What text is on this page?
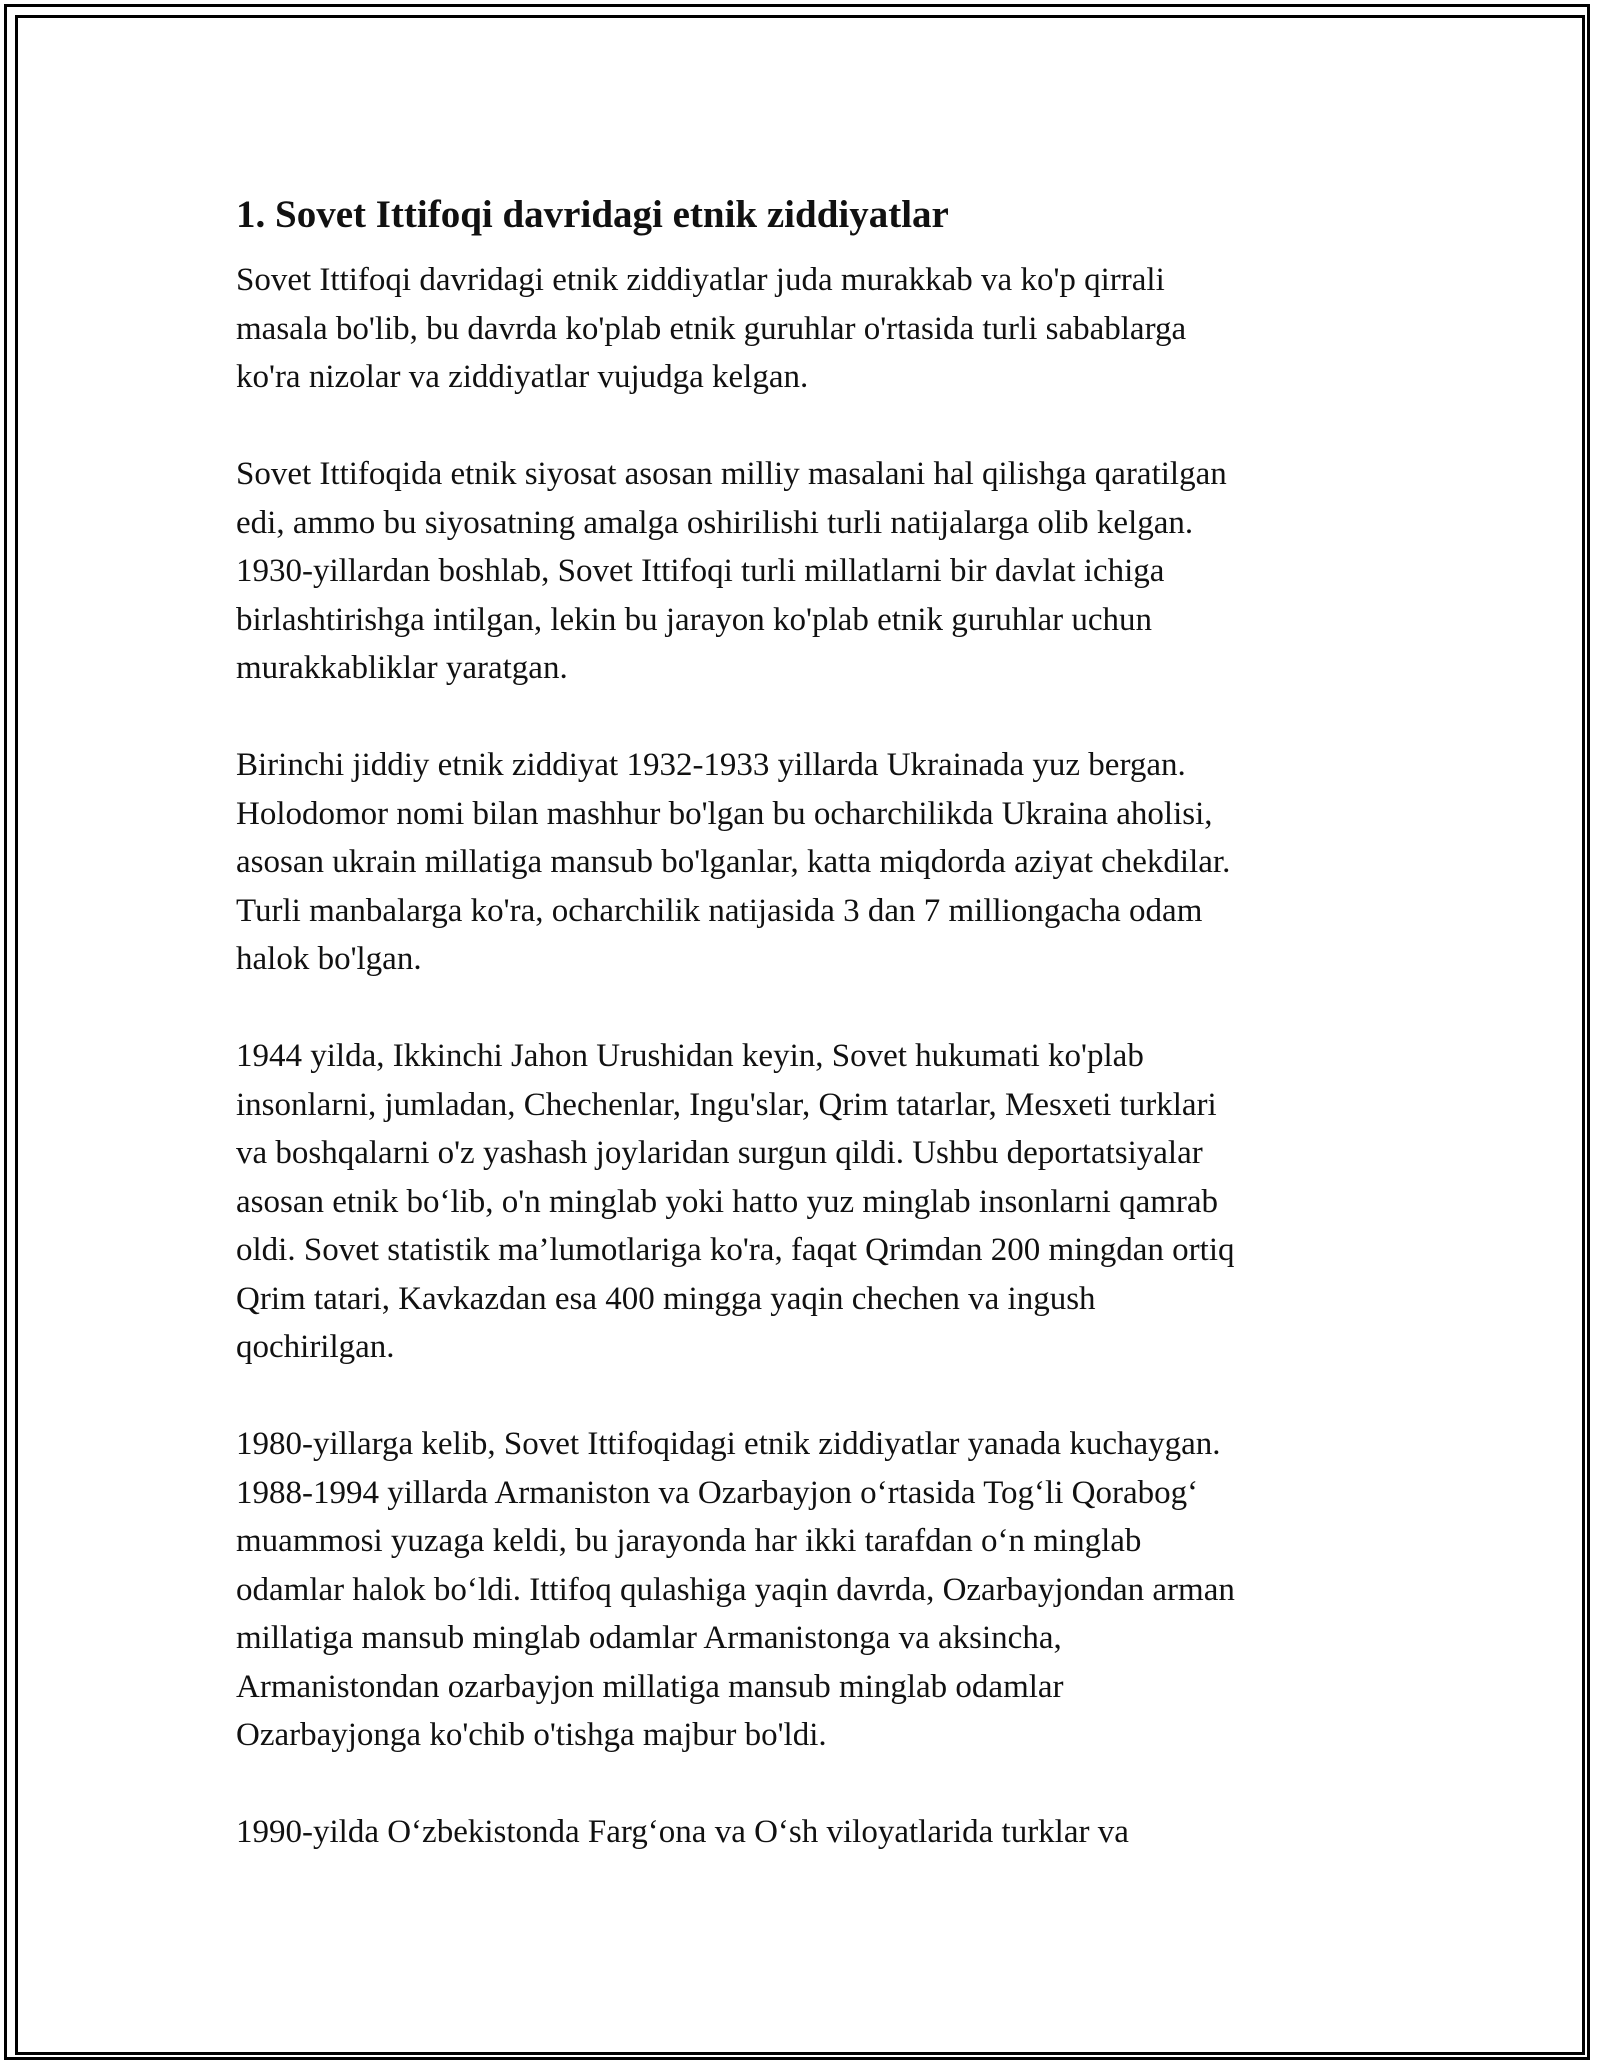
1. Sovet Ittifoqi davridagi etnik ziddiyatlar

Sovet Ittifoqi davridagi etnik ziddiyatlar juda murakkab va ko'p qirrali
masala bo'lib, bu davrda ko'plab etnik guruhlar o'rtasida turli sabablarga
ko'ra nizolar va ziddiyatlar vujudga kelgan.

Sovet Ittifoqida etnik siyosat asosan milliy masalani hal qilishga qaratilgan
edi, ammo bu siyosatning amalga oshirilishi turli natijalarga olib kelgan.
1930-yillardan boshlab, Sovet Ittifoqi turli millatlarni bir davlat ichiga
birlashtirishga intilgan, lekin bu jarayon ko'plab etnik guruhlar uchun
murakkabliklar yaratgan.

Birinchi jiddiy etnik ziddiyat 1932-1933 yillarda Ukrainada yuz bergan.
Holodomor nomi bilan mashhur bo'lgan bu ocharchilikda Ukraina aholisi,
asosan ukrain millatiga mansub bo'lganlar, katta miqdorda aziyat chekdilar.
Turli manbalarga ko'ra, ocharchilik natijasida 3 dan 7 milliongacha odam
halok bo'lgan.

1944 yilda, Ikkinchi Jahon Urushidan keyin, Sovet hukumati ko'plab
insonlarni, jumladan, Chechenlar, Ingu'slar, Qrim tatarlar, Mesxeti turklari
va boshqalarni o'z yashash joylaridan surgun qildi. Ushbu deportatsiyalar
asosan etnik bo‘lib, o'n minglab yoki hatto yuz minglab insonlarni qamrab
oldi. Sovet statistik ma’lumotlariga ko'ra, faqat Qrimdan 200 mingdan ortiq
Qrim tatari, Kavkazdan esa 400 mingga yaqin chechen va ingush
qochirilgan.

1980-yillarga kelib, Sovet Ittifoqidagi etnik ziddiyatlar yanada kuchaygan.
1988-1994 yillarda Armaniston va Ozarbayjon o‘rtasida Tog‘li Qorabog‘
muammosi yuzaga keldi, bu jarayonda har ikki tarafdan o‘n minglab
odamlar halok bo‘ldi. Ittifoq qulashiga yaqin davrda, Ozarbayjondan arman
millatiga mansub minglab odamlar Armanistonga va aksincha,
Armanistondan ozarbayjon millatiga mansub minglab odamlar
Ozarbayjonga ko'chib o'tishga majbur bo'ldi.

1990-yilda O‘zbekistonda Farg‘ona va O‘sh viloyatlarida turklar va
